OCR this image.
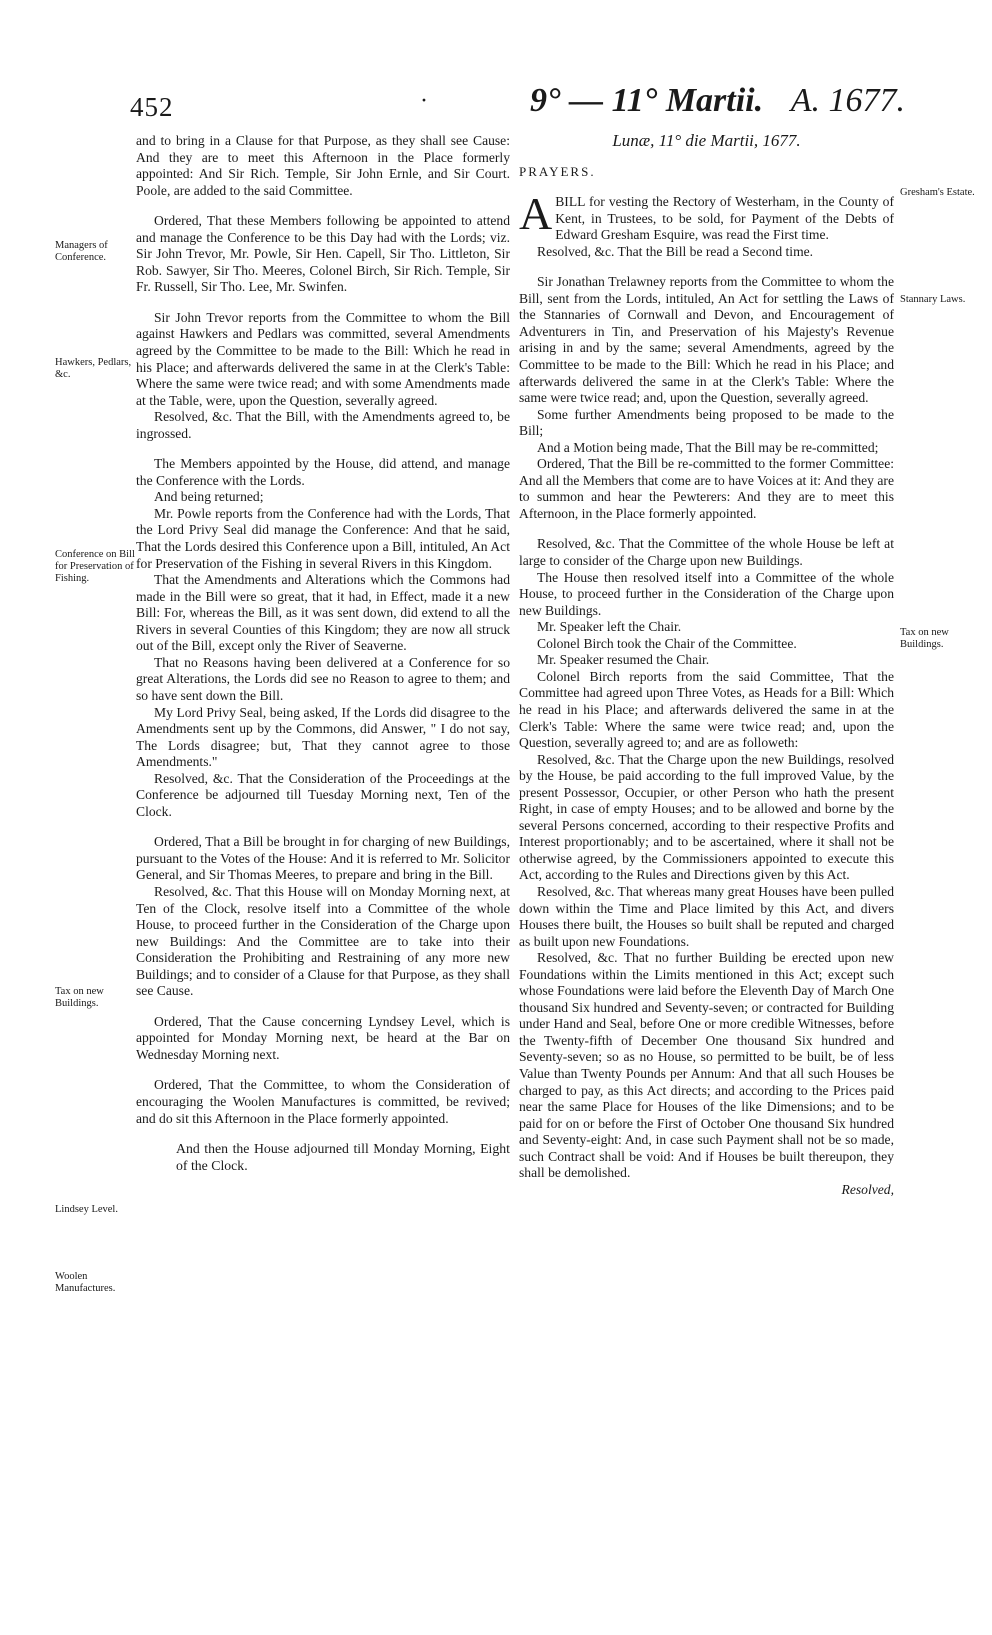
452	·	9° — 11° Martii. A. 1677.
Managers of Conference.
Hawkers, Pedlars, &c.
Conference on Bill for Preservation of Fishing.
Tax on new Buildings.
Lindsey Level.
Woolen Manufactures.
Gresham's Estate.
Stannary Laws.
Tax on new Buildings.

and to bring in a Clause for that Purpose, as they shall see Cause: And they are to meet this Afternoon in the Place formerly appointed: And Sir Rich. Temple, Sir John Ernle, and Sir Court. Poole, are added to the said Committee.

Ordered, That these Members following be appointed to attend and manage the Conference to be this Day had with the Lords; viz. Sir John Trevor, Mr. Powle, Sir Hen. Capell, Sir Tho. Littleton, Sir Rob. Sawyer, Sir Tho. Meeres, Colonel Birch, Sir Rich. Temple, Sir Fr. Russell, Sir Tho. Lee, Mr. Swinfen.

Sir John Trevor reports from the Committee to whom the Bill against Hawkers and Pedlars was committed, several Amendments agreed by the Committee to be made to the Bill: Which he read in his Place; and afterwards delivered the same in at the Clerk's Table: Where the same were twice read; and with some Amendments made at the Table, were, upon the Question, severally agreed.

Resolved, &c. That the Bill, with the Amendments agreed to, be ingrossed.

The Members appointed by the House, did attend, and manage the Conference with the Lords.

And being returned;

Mr. Powle reports from the Conference had with the Lords, That the Lord Privy Seal did manage the Conference: And that he said, That the Lords desired this Conference upon a Bill, intituled, An Act for Preservation of the Fishing in several Rivers in this Kingdom.

That the Amendments and Alterations which the Commons had made in the Bill were so great, that it had, in Effect, made it a new Bill: For, whereas the Bill, as it was sent down, did extend to all the Rivers in several Counties of this Kingdom; they are now all struck out of the Bill, except only the River of Seaverne.

That no Reasons having been delivered at a Conference for so great Alterations, the Lords did see no Reason to agree to them; and so have sent down the Bill.

My Lord Privy Seal, being asked, If the Lords did disagree to the Amendments sent up by the Commons, did Answer, " I do not say, The Lords disagree; but, That they cannot agree to those Amendments."

Resolved, &c. That the Consideration of the Proceedings at the Conference be adjourned till Tuesday Morning next, Ten of the Clock.

Ordered, That a Bill be brought in for charging of new Buildings, pursuant to the Votes of the House: And it is referred to Mr. Solicitor General, and Sir Thomas Meeres, to prepare and bring in the Bill.

Resolved, &c. That this House will on Monday Morning next, at Ten of the Clock, resolve itself into a Committee of the whole House, to proceed further in the Consideration of the Charge upon new Buildings: And the Committee are to take into their Consideration the Prohibiting and Restraining of any more new Buildings; and to consider of a Clause for that Purpose, as they shall see Cause.

Ordered, That the Cause concerning Lyndsey Level, which is appointed for Monday Morning next, be heard at the Bar on Wednesday Morning next.

Ordered, That the Committee, to whom the Consideration of encouraging the Woolen Manufactures is committed, be revived; and do sit this Afternoon in the Place formerly appointed.

And then the House adjourned till Monday Morning, Eight of the Clock.

Lunæ, 11° die Martii, 1677.

PRAYERS.

ABILL for vesting the Rectory of Westerham, in the County of Kent, in Trustees, to be sold, for Payment of the Debts of Edward Gresham Esquire, was read the First time.

Resolved, &c. That the Bill be read a Second time.

Sir Jonathan Trelawney reports from the Committee to whom the Bill, sent from the Lords, intituled, An Act for settling the Laws of the Stannaries of Cornwall and Devon, and Encouragement of Adventurers in Tin, and Preservation of his Majesty's Revenue arising in and by the same; several Amendments, agreed by the Committee to be made to the Bill: Which he read in his Place; and afterwards delivered the same in at the Clerk's Table: Where the same were twice read; and, upon the Question, severally agreed.

Some further Amendments being proposed to be made to the Bill;

And a Motion being made, That the Bill may be re-committed;

Ordered, That the Bill be re-committed to the former Committee: And all the Members that come are to have Voices at it: And they are to summon and hear the Pewterers: And they are to meet this Afternoon, in the Place formerly appointed.

Resolved, &c. That the Committee of the whole House be left at large to consider of the Charge upon new Buildings.

The House then resolved itself into a Committee of the whole House, to proceed further in the Consideration of the Charge upon new Buildings.

Mr. Speaker left the Chair.

Colonel Birch took the Chair of the Committee.

Mr. Speaker resumed the Chair.

Colonel Birch reports from the said Committee, That the Committee had agreed upon Three Votes, as Heads for a Bill: Which he read in his Place; and afterwards delivered the same in at the Clerk's Table: Where the same were twice read; and, upon the Question, severally agreed to; and are as followeth:

Resolved, &c. That the Charge upon the new Buildings, resolved by the House, be paid according to the full improved Value, by the present Possessor, Occupier, or other Person who hath the present Right, in case of empty Houses; and to be allowed and borne by the several Persons concerned, according to their respective Profits and Interest proportionably; and to be ascertained, where it shall not be otherwise agreed, by the Commissioners appointed to execute this Act, according to the Rules and Directions given by this Act.

Resolved, &c. That whereas many great Houses have been pulled down within the Time and Place limited by this Act, and divers Houses there built, the Houses so built shall be reputed and charged as built upon new Foundations.

Resolved, &c. That no further Building be erected upon new Foundations within the Limits mentioned in this Act; except such whose Foundations were laid before the Eleventh Day of March One thousand Six hundred and Seventy-seven; or contracted for Building under Hand and Seal, before One or more credible Witnesses, before the Twenty-fifth of December One thousand Six hundred and Seventy-seven; so as no House, so permitted to be built, be of less Value than Twenty Pounds per Annum: And that all such Houses be charged to pay, as this Act directs; and according to the Prices paid near the same Place for Houses of the like Dimensions; and to be paid for on or before the First of October One thousand Six hundred and Seventy-eight: And, in case such Payment shall not be so made, such Contract shall be void: And if Houses be built thereupon, they shall be demolished.

Resolved,
